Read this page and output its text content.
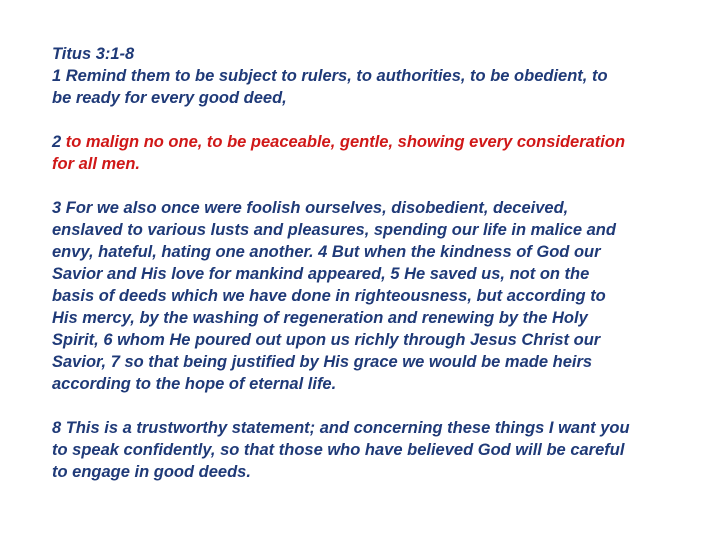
Titus 3:1-8
1 Remind them to be subject to rulers, to authorities, to be obedient, to
be ready for every good deed,

2 to malign no one, to be peaceable, gentle, showing every consideration
for all men.

3 For we also once were foolish ourselves, disobedient, deceived,
enslaved to various lusts and pleasures, spending our life in malice and
envy, hateful, hating one another. 4 But when the kindness of God our
Savior and His love for mankind appeared, 5 He saved us, not on the
basis of deeds which we have done in righteousness, but according to
His mercy, by the washing of regeneration and renewing by the Holy
Spirit, 6 whom He poured out upon us richly through Jesus Christ our
Savior, 7 so that being justified by His grace we would be made heirs
according to the hope of eternal life.

8 This is a trustworthy statement; and concerning these things I want you
to speak confidently, so that those who have believed God will be careful
to engage in good deeds.
